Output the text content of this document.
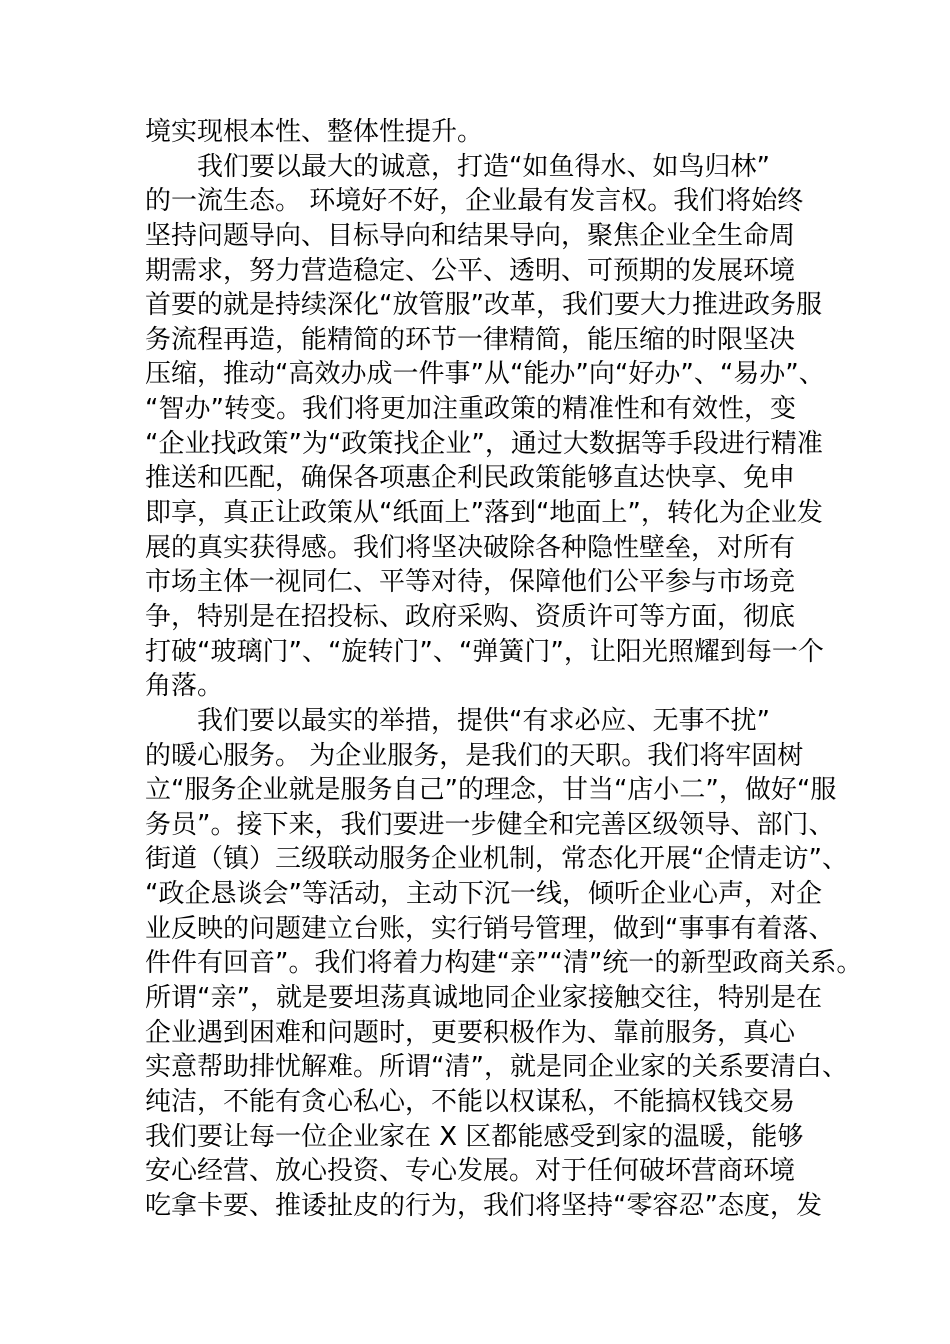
境实现根本性、整体性提升。
我们要以最大的诚意，打造“如鱼得水、如鸟归林”
的一流生态。 环境好不好，企业最有发言权。我们将始终
坚持问题导向、目标导向和结果导向，聚焦企业全生命周
期需求，努力营造稳定、公平、透明、可预期的发展环境
首要的就是持续深化“放管服”改革，我们要大力推进政务服
务流程再造，能精简的环节一律精简，能压缩的时限坚决
压缩，推动“高效办成一件事”从“能办”向“好办”、“易办”、
“智办”转变。我们将更加注重政策的精准性和有效性，变
“企业找政策”为“政策找企业”，通过大数据等手段进行精准
推送和匹配，确保各项惠企利民政策能够直达快享、免申
即享，真正让政策从“纸面上”落到“地面上”，转化为企业发
展的真实获得感。我们将坚决破除各种隐性壁垒，对所有
市场主体一视同仁、平等对待，保障他们公平参与市场竞
争，特别是在招投标、政府采购、资质许可等方面，彻底
打破“玻璃门”、“旋转门”、“弹簧门”，让阳光照耀到每一个
角落。
我们要以最实的举措，提供“有求必应、无事不扰”
的暖心服务。 为企业服务，是我们的天职。我们将牢固树
立“服务企业就是服务自己”的理念，甘当“店小二”，做好“服
务员”。接下来，我们要进一步健全和完善区级领导、部门、
街道（镇）三级联动服务企业机制，常态化开展“企情走访”、
“政企恳谈会”等活动，主动下沉一线，倾听企业心声，对企
业反映的问题建立台账，实行销号管理，做到“事事有着落、
件件有回音”。我们将着力构建“亲”“清”统一的新型政商关系。
所谓“亲”，就是要坦荡真诚地同企业家接触交往，特别是在
企业遇到困难和问题时，更要积极作为、靠前服务，真心
实意帮助排忧解难。所谓“清”，就是同企业家的关系要清白、
纯洁，不能有贪心私心，不能以权谋私，不能搞权钱交易
我们要让每一位企业家在 X 区都能感受到家的温暖，能够
安心经营、放心投资、专心发展。对于任何破坏营商环境
吃拿卡要、推诿扯皮的行为，我们将坚持“零容忍”态度，发
